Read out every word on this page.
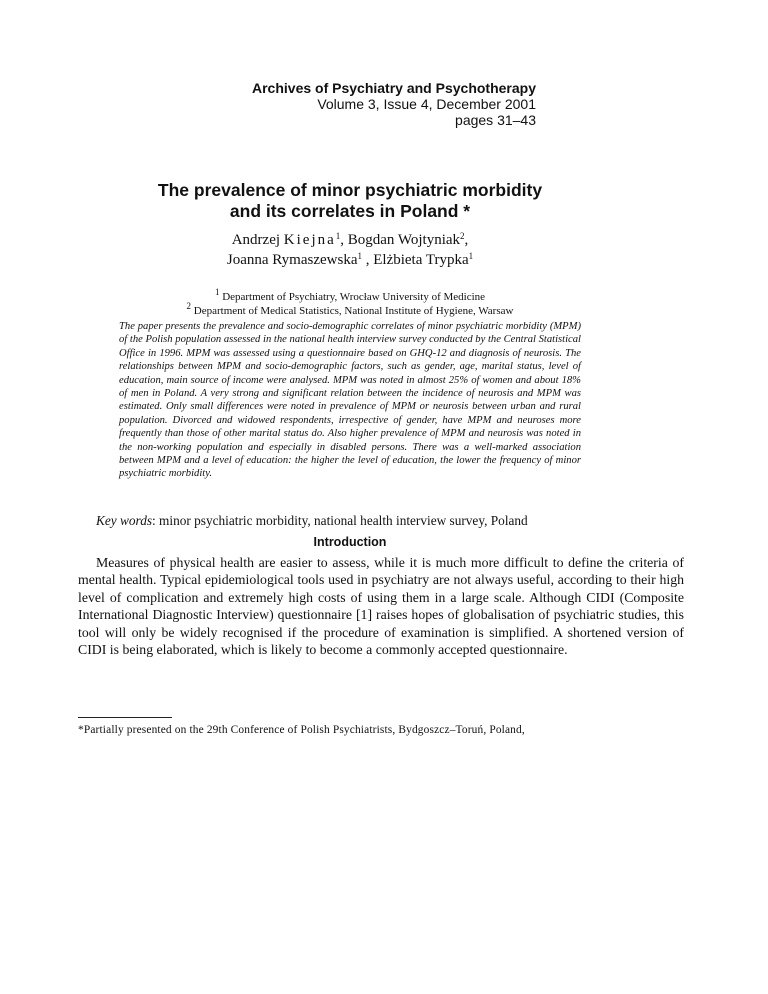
Archives of Psychiatry and Psychotherapy
Volume 3, Issue 4, December 2001
pages 31–43
The prevalence of minor psychiatric morbidity
and its correlates in Poland *
Andrzej Kiejna$^1$, Bogdan Wojtyniak$^2$,
Joanna Rymaszewska$^1$ , Elżbieta Trypka$^1$
$^1$ Department of Psychiatry, Wrocław University of Medicine
$^2$ Department of Medical Statistics, National Institute of Hygiene, Warsaw
The paper presents the prevalence and socio-demographic correlates of minor psychiatric morbidity (MPM) of the Polish population assessed in the national health interview survey conducted by the Central Statistical Office in 1996. MPM was assessed using a questionnaire based on GHQ-12 and diagnosis of neurosis. The relationships between MPM and socio-demographic factors, such as gender, age, marital status, level of education, main source of income were analysed. MPM was noted in almost 25% of women and about 18% of men in Poland. A very strong and significant relation between the incidence of neurosis and MPM was estimated. Only small differences were noted in prevalence of MPM or neurosis between urban and rural population. Divorced and widowed respondents, irrespective of gender, have MPM and neuroses more frequently than those of other marital status do. Also higher prevalence of MPM and neurosis was noted in the non-working population and especially in disabled persons. There was a well-marked association between MPM and a level of education: the higher the level of education, the lower the frequency of minor psychiatric morbidity.
Key words: minor psychiatric morbidity, national health interview survey, Poland
Introduction
Measures of physical health are easier to assess, while it is much more difficult to define the criteria of mental health. Typical epidemiological tools used in psychiatry are not always useful, according to their high level of complication and extremely high costs of using them in a large scale. Although CIDI (Composite International Diagnostic Interview) questionnaire [1] raises hopes of globalisation of psychiatric studies, this tool will only be widely recognised if the procedure of examination is simplified. A shortened version of CIDI is being elaborated, which is likely to become a commonly accepted questionnaire.
*Partially presented on the 29th Conference of Polish Psychiatrists, Bydgoszcz–Toruń, Poland,
